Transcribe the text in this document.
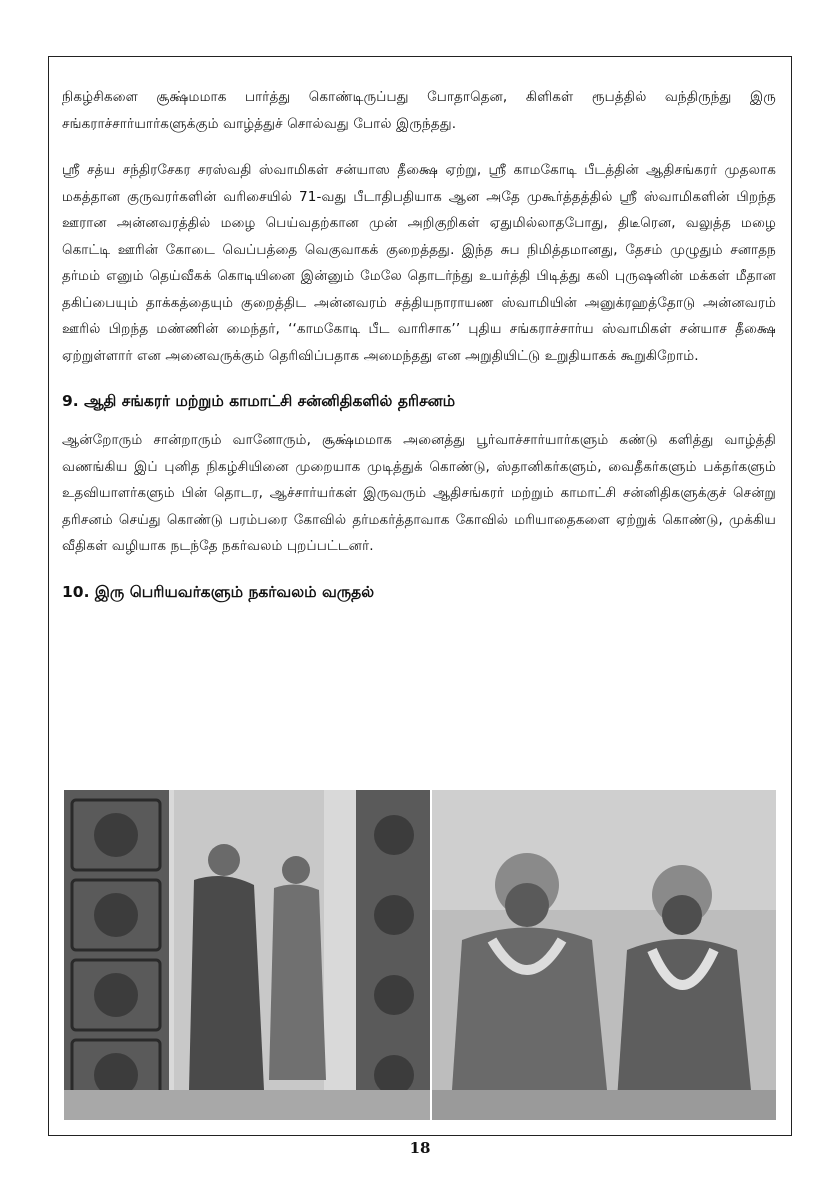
நிகழ்சிகளை சூக்ஷ்மமாக பார்த்து கொண்டிருப்பது போதாதென, கிளிகள் ரூபத்தில் வந்திருந்து இரு சங்கராச்சார்யார்களுக்கும் வாழ்த்துச் சொல்வது போல் இருந்தது.

ஸ்ரீ சத்ய சந்திரசேகர சரஸ்வதி ஸ்வாமிகள் சன்யாஸ தீக்ஷை ஏற்று, ஸ்ரீ காமகோடி பீடத்தின் ஆதிசங்கரர் முதலாக மகத்தான குருவரர்களின் வரிசையில் 71-வது பீடாதிபதியாக ஆன அதே முகூர்த்தத்தில் ஸ்ரீ ஸ்வாமிகளின் பிறந்த ஊரான அன்னவரத்தில் மழை பெய்வதற்கான முன் அறிகுறிகள் ஏதுமில்லாதபோது, திடீரென, வலுத்த மழை கொட்டி ஊரின் கோடை வெப்பத்தை வெகுவாகக் குறைத்தது. இந்த சுப நிமித்தமானது, தேசம் முழுதும் சனாதந தர்மம் எனும் தெய்வீகக் கொடியினை இன்னும் மேலே தொடர்ந்து உயர்த்தி பிடித்து கலி புருஷனின் மக்கள் மீதான தகிப்பையும் தாக்கத்தையும் குறைத்திட அன்னவரம் சத்தியநாராயண ஸ்வாமியின் அனுக்ரஹத்தோடு அன்னவரம் ஊரில் பிறந்த மண்ணின் மைந்தர், ‘‘காமகோடி பீட வாரிசாக’’ புதிய சங்கராச்சார்ய ஸ்வாமிகள் சன்யாச தீக்ஷை ஏற்றுள்ளார் என அனைவருக்கும் தெரிவிப்பதாக அமைந்தது என அறுதியிட்டு உறுதியாகக் கூறுகிறோம்.

9. ஆதி சங்கரர் மற்றும் காமாட்சி சன்னிதிகளில் தரிசனம்

ஆன்றோரும் சான்றாரும் வானோரும், சூக்ஷ்மமாக அனைத்து பூர்வாச்சார்யார்களும் கண்டு களித்து வாழ்த்தி வணங்கிய இப் புனித நிகழ்சியினை முறையாக முடித்துக் கொண்டு, ஸ்தானிகர்களும், வைதீகர்களும் பக்தர்களும் உதவியாளர்களும் பின் தொடர, ஆச்சார்யர்கள் இருவரும் ஆதிசங்கரர் மற்றும் காமாட்சி சன்னிதிகளுக்குச் சென்று தரிசனம் செய்து கொண்டு பரம்பரை கோவில் தர்மகர்த்தாவாக கோவில் மரியாதைகளை ஏற்றுக் கொண்டு, முக்கிய வீதிகள் வழியாக நடந்தே நகர்வலம் புறப்பட்டனர்.

10. இரு பெரியவர்களும் நகர்வலம் வருதல்
18
